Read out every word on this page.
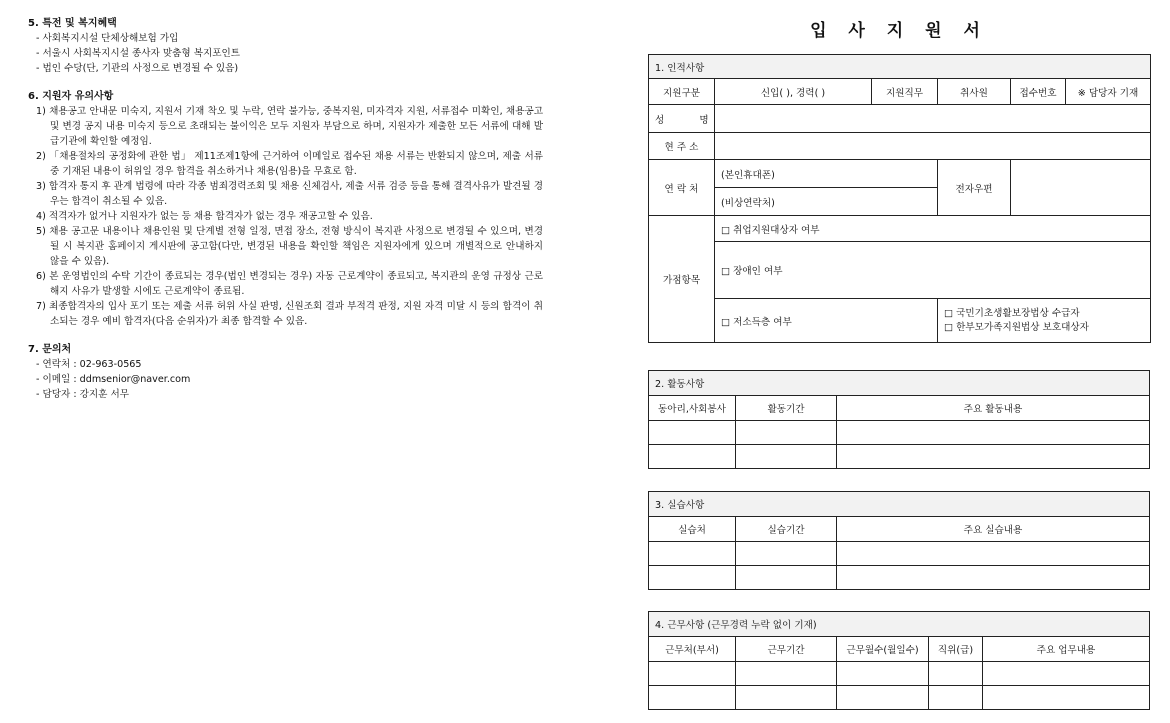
5. 특전 및 복지혜택

- 사회복지시설 단체상해보험 가입
- 서울시 사회복지시설 종사자 맞춤형 복지포인트
- 법인 수당(단, 기관의 사정으로 변경될 수 있음)

6. 지원자 유의사항

1) 채용공고 안내문 미숙지, 지원서 기재 착오 및 누락, 연락 불가능, 중복지원, 미자격자 지원, 서류접수 미확인, 채용공고 및 변경 공지 내용 미숙지 등으로 초래되는 불이익은 모두 지원자 부담으로 하며, 지원자가 제출한 모든 서류에 대해 발급기관에 확인할 예정임.
2) 「채용절차의 공정화에 관한 법」 제11조제1항에 근거하여 이메일로 접수된 채용 서류는 반환되지 않으며, 제출 서류 중 기재된 내용이 허위일 경우 합격을 취소하거나 채용(임용)을 무효로 함.
3) 합격자 통지 후 관계 법령에 따라 각종 범죄경력조회 및 채용 신체검사, 제출 서류 검증 등을 통해 결격사유가 발견될 경우는 합격이 취소될 수 있음.
4) 적격자가 없거나 지원자가 없는 등 채용 합격자가 없는 경우 재공고할 수 있음.
5) 채용 공고문 내용이나 채용인원 및 단계별 전형 일정, 면접 장소, 전형 방식이 복지관 사정으로 변경될 수 있으며, 변경될 시 복지관 홈페이지 게시판에 공고함(다만, 변경된 내용을 확인할 책임은 지원자에게 있으며 개별적으로 안내하지 않을 수 있음).
6) 본 운영법인의 수탁 기간이 종료되는 경우(법인 변경되는 경우) 자동 근로계약이 종료되고, 복지관의 운영 규정상 근로 해지 사유가 발생할 시에도 근로계약이 종료됨.
7) 최종합격자의 입사 포기 또는 제출 서류 허위 사실 판명, 신원조회 결과 부적격 판정, 지원 자격 미달 시 등의 합격이 취소되는 경우 예비 합격자(다음 순위자)가 최종 합격할 수 있음.

7. 문의처

- 연락처 : 02-963-0565
- 이메일 : ddmsenior@naver.com
- 담당자 : 강지훈 서무

입 사 지 원 서

1. 인적사항					
지원구분	신입( ), 경력( )	지원직무	취사원	접수번호	※ 담당자 기재
성 명					
현 주 소					
연 락 처	(본인휴대폰)		전자우편		
	(비상연락처)				
가점항목	□ 취업지원대상자 여부				
	□ 장애인 여부				
	□ 저소득층 여부		□ 국민기초생활보장법상 수급자
□ 한부모가족지원법상 보호대상자		
2. 활동사항		
동아리,사회봉사	활동기간	주요 활동내용

3. 실습사항		
실습처	실습기간	주요 실습내용

4. 근무사항 (근무경력 누락 없이 기재)				
근무처(부서)	근무기간	근무월수(월일수)	직위(급)	주요 업무내용
